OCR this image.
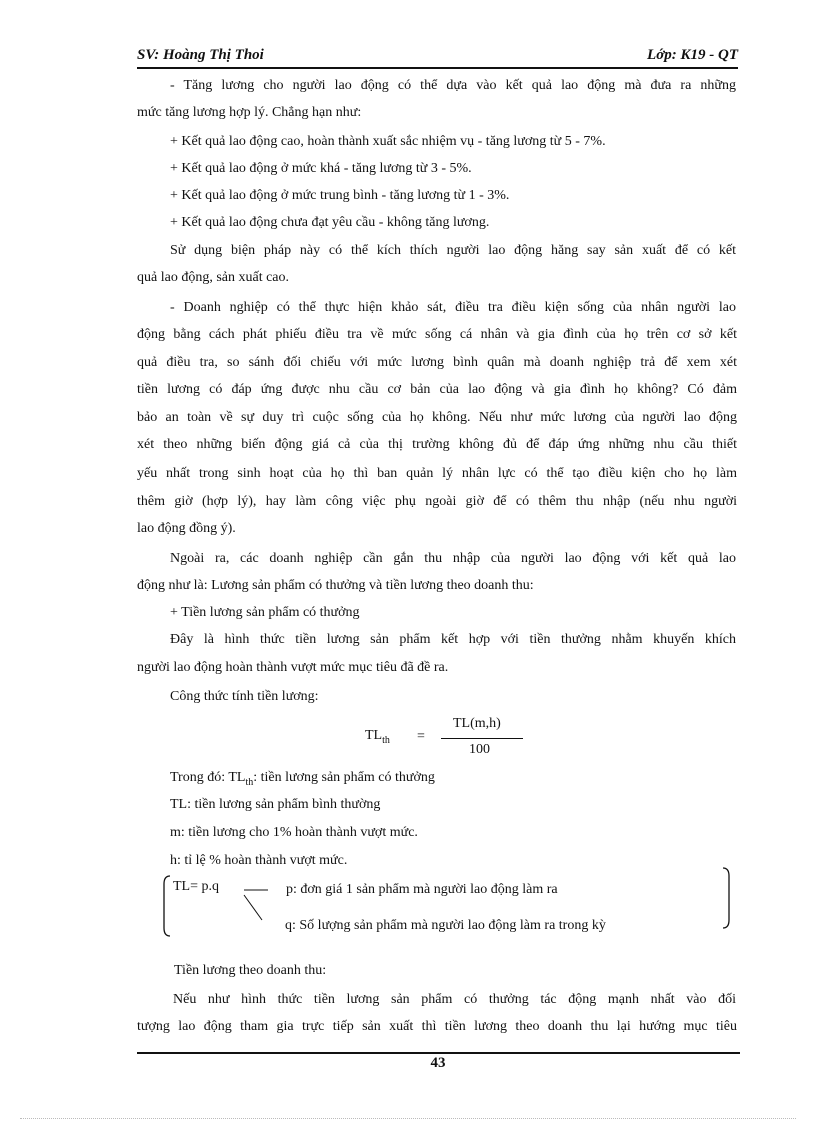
SV: Hoàng Thị Thoi	Lớp: K19 - QT
- Tăng lương cho người lao động có thể dựa vào kết quả lao động mà đưa ra những
mức tăng lương hợp lý. Chẳng hạn như:
+ Kết quả lao động cao, hoàn thành xuất sắc nhiệm vụ - tăng lương từ 5 - 7%.
+ Kết quả lao động ở mức khá - tăng lương từ 3 - 5%.
+ Kết quả lao động ở mức trung bình - tăng lương từ 1 - 3%.
+ Kết quả lao động chưa đạt yêu cầu - không tăng lương.
Sử dụng biện pháp này có thể kích thích người lao động hăng say sản xuất để có kết
quả lao động, sản xuất cao.
- Doanh nghiệp có thể thực hiện khảo sát, điều tra điều kiện sống của nhân người lao
động bằng cách phát phiếu điều tra về mức sống cá nhân và gia đình của họ trên cơ sở kết
quả điều tra, so sánh đối chiếu với mức lương bình quân mà doanh nghiệp trả để xem xét
tiền lương có đáp ứng được nhu cầu cơ bản của lao động và gia đình họ không? Có đảm
bảo an toàn về sự duy trì cuộc sống của họ không. Nếu như mức lương của người lao động
xét theo những biến động giá cả của thị trường không đủ để đáp ứng những nhu cầu thiết
yếu nhất trong sinh hoạt của họ thì ban quản lý nhân lực có thể tạo điều kiện cho họ làm
thêm giờ (hợp lý), hay làm công việc phụ ngoài giờ để có thêm thu nhập (nếu nhu người
lao động đồng ý).
Ngoài ra, các doanh nghiệp cần gắn thu nhập của người lao động với kết quả lao
động như là: Lương sản phẩm có thưởng và tiền lương theo doanh thu:
+ Tiền lương sản phẩm có thưởng
Đây là hình thức tiền lương sản phẩm kết hợp với tiền thưởng nhằm khuyến khích
người lao động hoàn thành vượt mức mục tiêu đã đề ra.
Công thức tính tiền lương:
$TL_{th}$ =
TL(m,h)
100
Trong đó: $TL_{th}$: tiền lương sản phẩm có thưởng
TL: tiền lương sản phẩm bình thường
m: tiền lương cho 1% hoàn thành vượt mức.
h: tỉ lệ % hoàn thành vượt mức.
TL= p.q	p: đơn giá 1 sản phẩm mà người lao động làm ra
q: Số lượng sản phẩm mà người lao động làm ra trong kỳ
Tiền lương theo doanh thu:
Nếu như hình thức tiền lương sản phẩm có thưởng tác động mạnh nhất vào đối
tượng lao động tham gia trực tiếp sản xuất thì tiền lương theo doanh thu lại hướng mục tiêu
43
